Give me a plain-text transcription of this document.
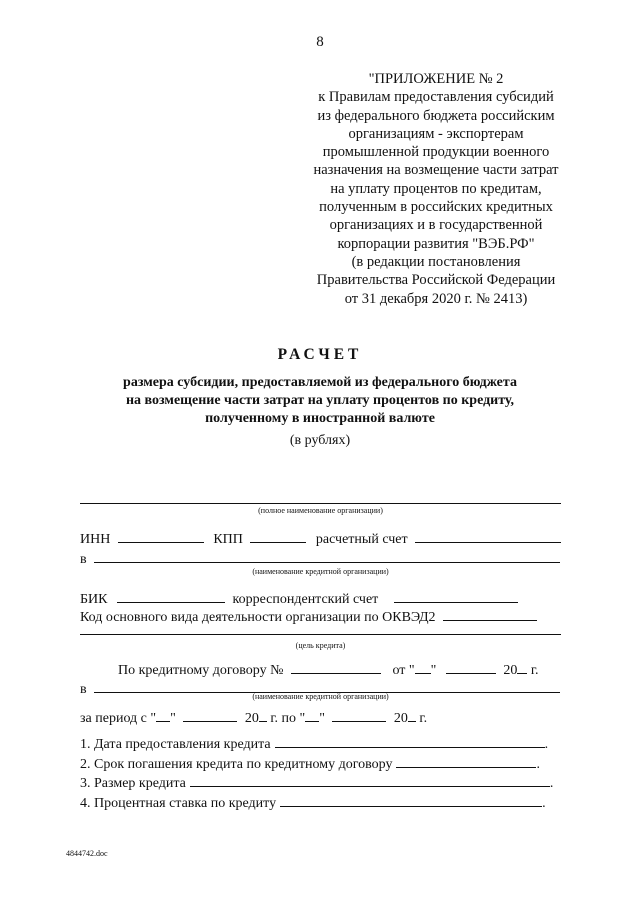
8
"ПРИЛОЖЕНИЕ № 2
к Правилам предоставления субсидий
из федерального бюджета российским
организациям - экспортерам
промышленной продукции военного
назначения на возмещение части затрат
на уплату процентов по кредитам,
полученным в российских кредитных
организациях и в государственной
корпорации развития "ВЭБ.РФ"
(в редакции постановления
Правительства Российской Федерации
от 31 декабря 2020 г. № 2413)
РАСЧЕТ
размера субсидии, предоставляемой из федерального бюджета
на возмещение части затрат на уплату процентов по кредиту,
полученному в иностранной валюте
(в рублях)
(полное наименование организации)
ИНН	КПП	расчетный счет
в
(наименование кредитной организации)
БИК	корреспондентский счет
Код основного вида деятельности организации по ОКВЭД2
(цель кредита)
По кредитному договору №	от " "	20 г.
в	(наименование кредитной организации)
за период с " "	20 г. по " "	20 г.
1. Дата предоставления кредита	.
2. Срок погашения кредита по кредитному договору	.
3. Размер кредита	.
4. Процентная ставка по кредиту	.
4844742.doc
